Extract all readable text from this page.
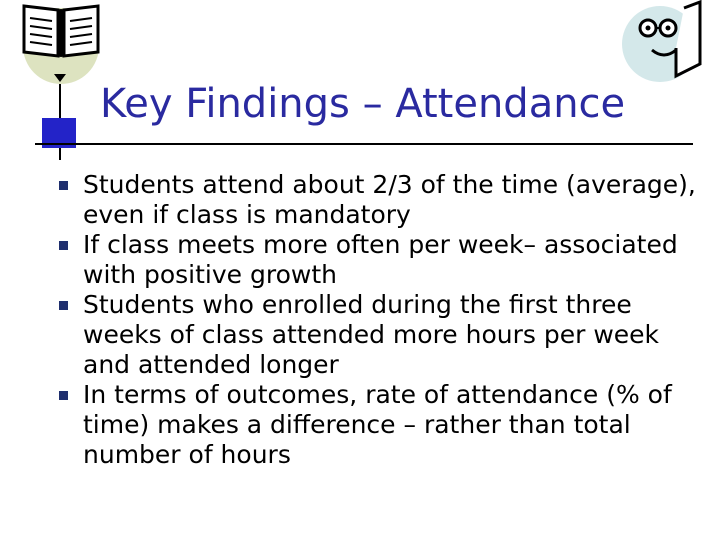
Key Findings – Attendance
Students attend about 2/3 of the time (average), even if class is mandatory
If class meets more often per week– associated with positive growth
Students who enrolled during the first three weeks of class attended more hours per week and attended longer
In terms of outcomes, rate of attendance (% of time) makes a difference – rather than total number of hours
